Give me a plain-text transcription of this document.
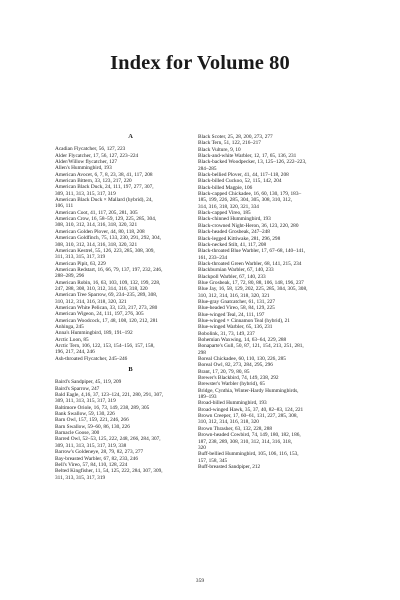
Index for Volume 80
A
Acadian Flycatcher, 56, 127, 223
Alder Flycatcher, 17, 56, 127, 223–224
Alder/Willow flycatcher, 127
Allen's Hummingbird, 193
American Avocet, 6, 7, 8, 23, 38, 41, 117, 208
American Bittern, 33, 123, 217, 220
American Black Duck, 24, 111, 197, 277, 307,
309, 311, 313, 315, 317, 319
American Black Duck × Mallard (hybrid), 24,
106, 111
American Coot, 41, 117, 205, 281, 305
American Crow, 16, 58–59, 129, 225, 285, 304,
308, 310, 312, 314, 316, 318, 320, 321
American Golden Plover, 44, 80, 118, 208
American Goldfinch, 75, 133, 230, 291, 292, 304,
308, 310, 312, 314, 316, 318, 320, 321
American Kestrel, 55, 126, 223, 285, 308, 309,
311, 313, 315, 317, 319
American Pipit, 63, 229
American Redstart, 16, 66, 79, 137, 197, 232, 246,
288–289, 296
American Robin, 16, 63, 103, 109, 132, 199, 228,
247, 288, 308, 310, 312, 314, 316, 318, 320
American Tree Sparrow, 69, 234–235, 289, 308,
310, 312, 314, 316, 318, 320, 321
American White Pelican, 33, 123, 217, 273, 280
American Wigeon, 24, 111, 197, 276, 305
American Woodcock, 17, 48, 108, 120, 212, 281
Anhinga, 245
Anna's Hummingbird, 189, 191–192
Arctic Loon, 85
Arctic Tern, 106, 122, 153, 154–156, 157, 158,
196, 217, 244, 246
Ash-throated Flycatcher, 245–246
B
Baird's Sandpiper, 45, 119, 209
Baird's Sparrow, 247
Bald Eagle, 4,16, 37, 123–124, 221, 280, 291, 307,
309, 311, 313, 315, 317, 319
Baltimore Oriole, 16, 73, 149, 238, 289, 305
Bank Swallow, 59, 130, 226
Barn Owl, 157, 159, 221, 246, 266
Barn Swallow, 59–60, 86, 130, 226
Barnacle Goose, 300
Barred Owl, 52–53, 125, 222, 248, 266, 284, 307,
309, 311, 313, 315, 317, 319, 338
Barrow's Goldeneye, 28, 79, 82, 273, 277
Bay-breasted Warbler, 67, 82, 233, 246
Bell's Vireo, 57, 84, 110, 128, 224
Belted Kingfisher, 11, 54, 125, 222, 284, 307, 309,
311, 313, 315, 317, 319
Black Scoter, 25, 28, 200, 273, 277
Black Tern, 51, 122, 216–217
Black Vulture, 9, 10
Black-and-white Warbler, 12, 17, 65, 136, 231
Black-backed Woodpecker, 13, 125–126, 222–223,
284–285
Black-bellied Plover, 41, 44, 117–118, 208
Black-billed Cuckoo, 52, 115, 142, 204
Black-billed Magpie, 106
Black-capped Chickadee, 16, 60, 130, 179, 183–
185, 199, 226, 285, 304, 305, 308, 310, 312,
314, 316, 318, 320, 321, 334
Black-capped Vireo, 185
Black-chinned Hummingbird, 193
Black-crowned Night-Heron, 36, 123, 220, 280
Black-headed Grosbeak, 247–248
Black-legged Kittiwake, 281, 296, 298
Black-necked Stilt, 41, 117, 208
Black-throated Blue Warbler, 17, 67–68, 140–141,
161, 233–234
Black-throated Green Warbler, 68, 141, 215, 234
Blackburnian Warbler, 67, 140, 233
Blackpoll Warbler, 67, 140, 233
Blue Grosbeak, 17, 72, 80, 88, 106, 148, 196, 237
Blue Jay, 16, 58, 129, 202, 225, 285, 304, 305, 308,
310, 312, 314, 316, 318, 320, 321
Blue-gray Gnatcatcher, 61, 131, 227
Blue-headed Vireo, 58, 84, 129, 225
Blue-winged Teal, 24, 111, 197
Blue-winged × Cinnamon Teal (hybrid), 21
Blue-winged Warbler, 65, 136, 231
Bobolink, 31, 73, 149, 237
Bohemian Waxwing, 14, 63–64, 229, 288
Bonaparte's Gull, 50, 87, 121, 154, 213, 251, 281,
298
Boreal Chickadee, 60, 110, 130, 226, 285
Boreal Owl, 82, 273, 284, 295, 296
Brant, 17, 20, 79, 80, 85
Brewer's Blackbird, 74, 149, 238, 292
Brewster's Warbler (hybrid), 65
Bridge, Cynthia, Winter-Hardy Hummingbirds,
189–193
Broad-billed Hummingbird, 193
Broad-winged Hawk, 35, 37, 40, 82–83, 124, 221
Brown Creeper, 17, 60–61, 131, 227, 285, 308,
310, 312, 314, 316, 318, 320
Brown Thrasher, 63, 132, 228, 288
Brown-headed Cowbird, 74, 149, 180, 182, 186,
187, 238, 289, 308, 310, 312, 314, 316, 318,
320
Buff-bellied Hummingbird, 105, 106, 116, 153,
157, 158, 345
Buff-breasted Sandpiper, 212
359
